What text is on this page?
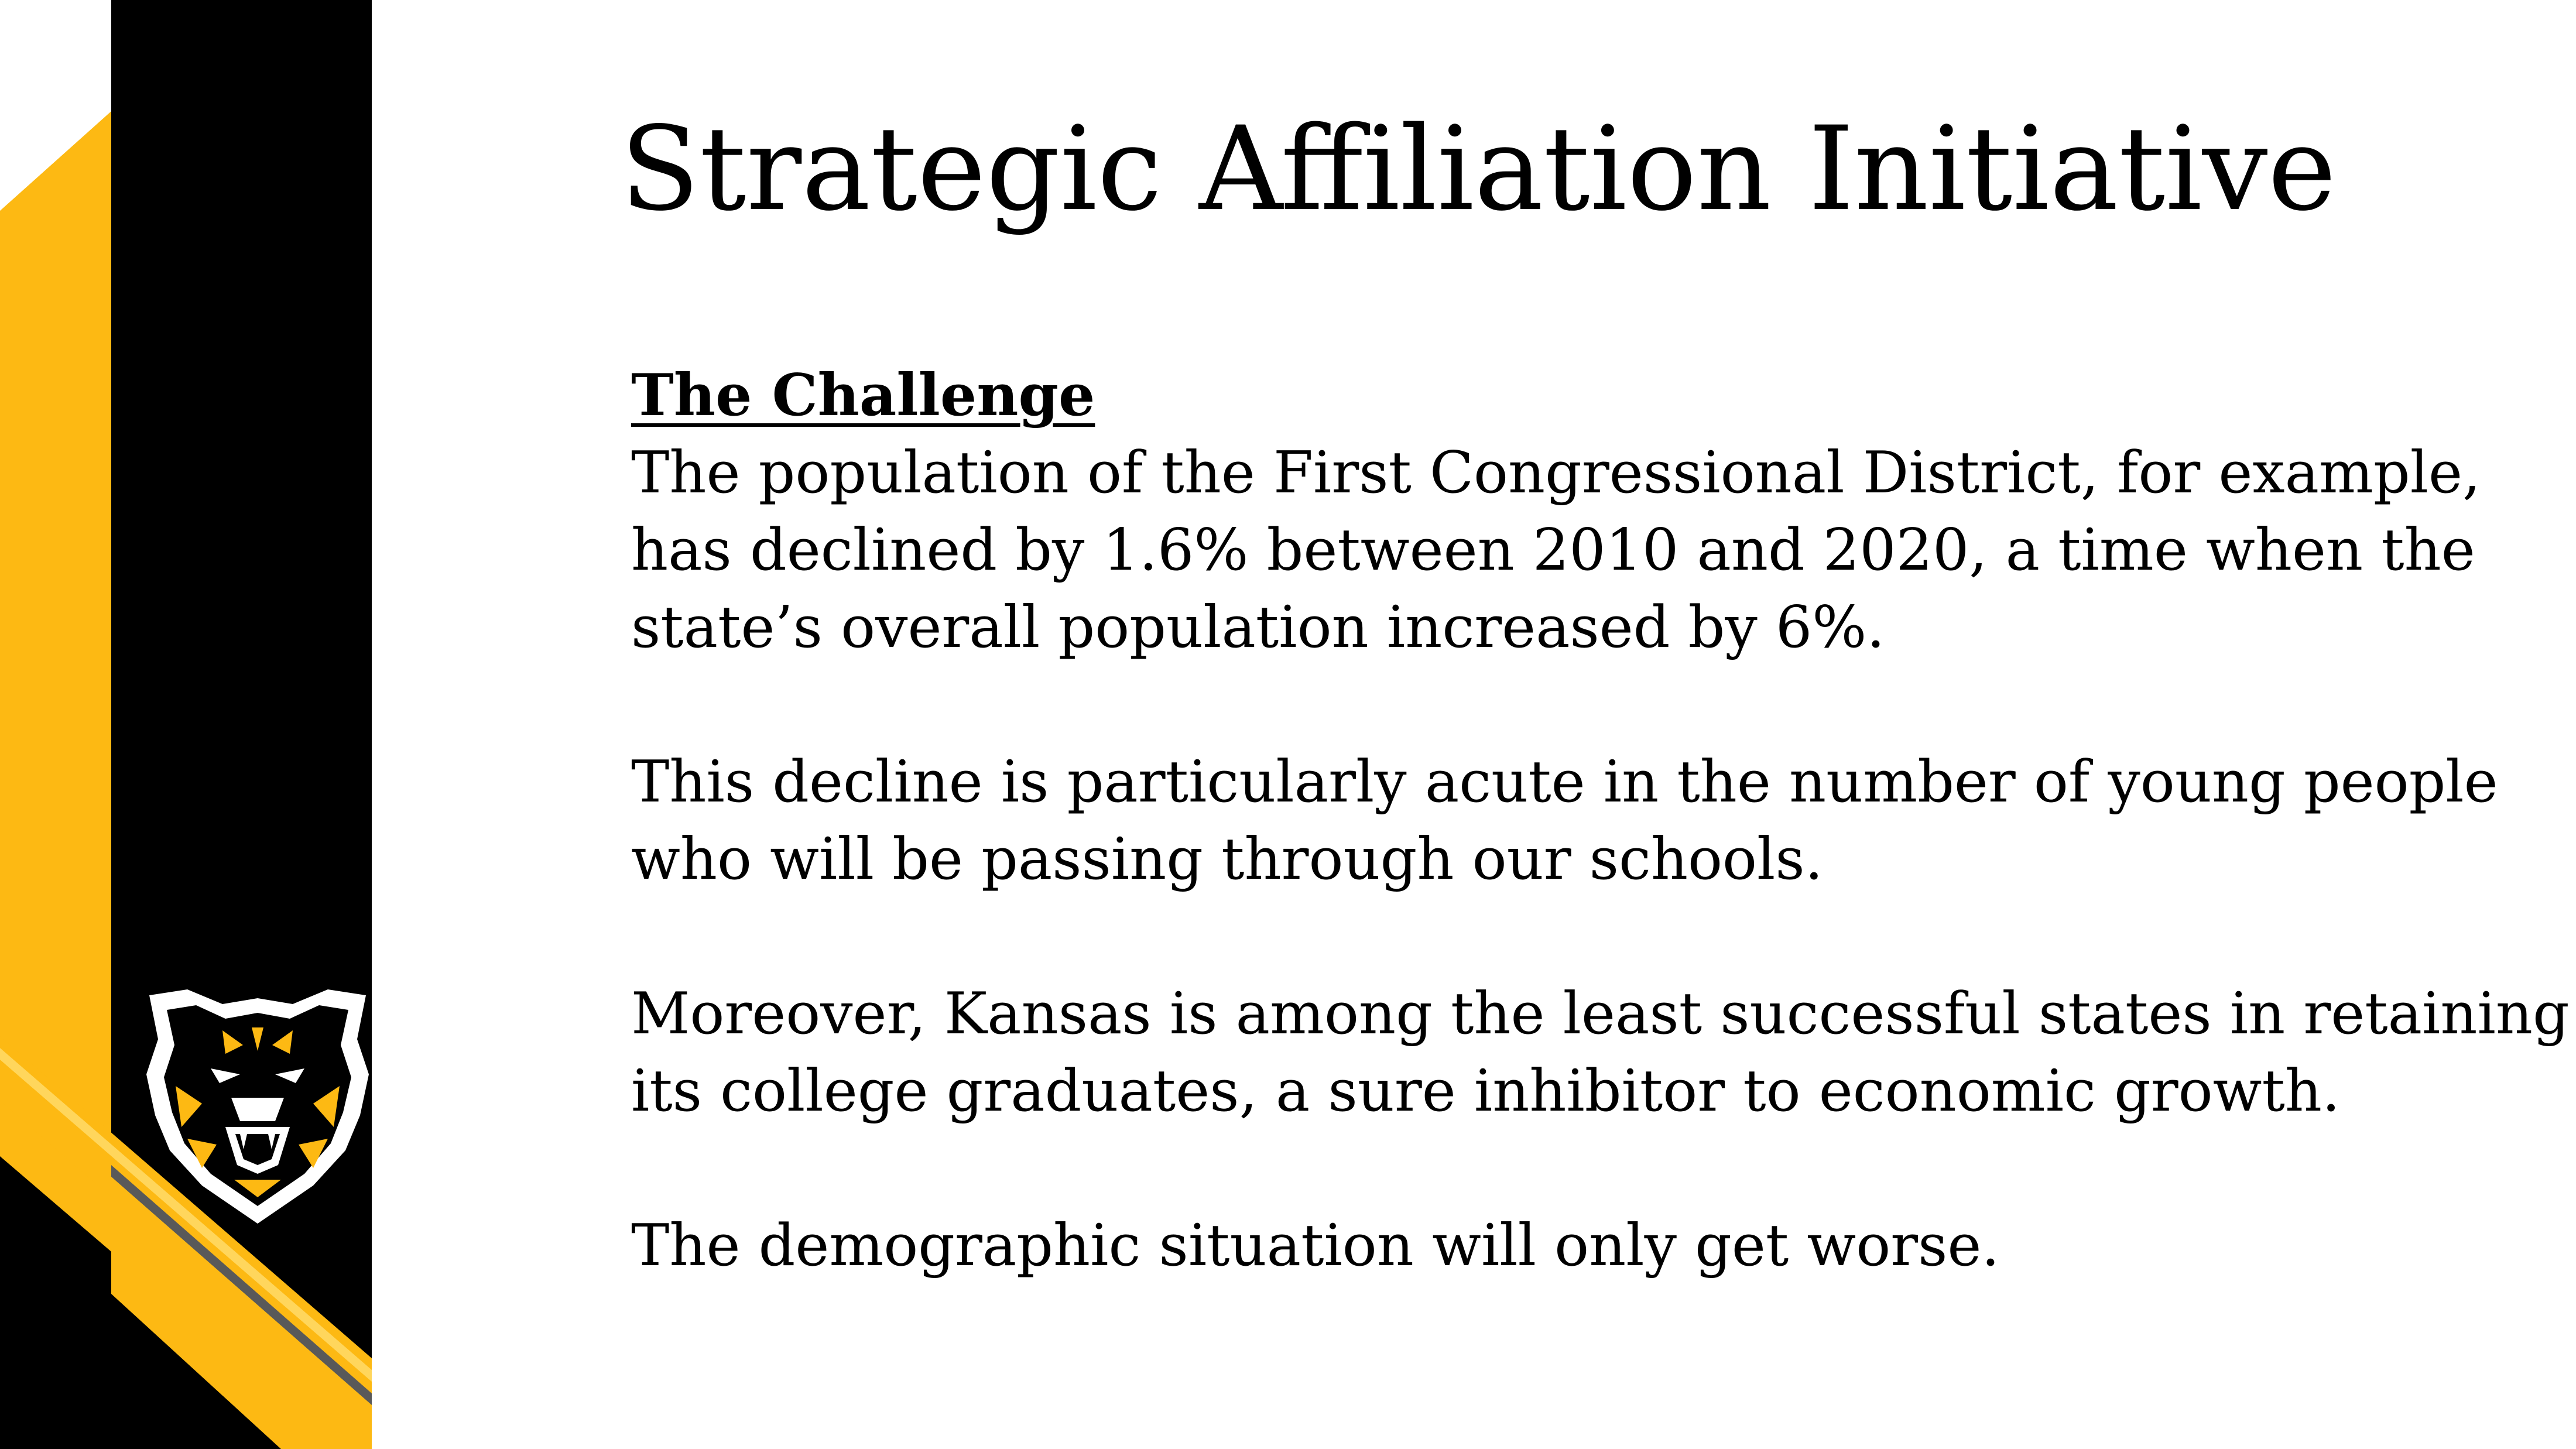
Strategic Affiliation Initiative
The Challenge
The population of the First Congressional District, for example,
has declined by 1.6% between 2010 and 2020, a time when the
state’s overall population increased by 6%.
This decline is particularly acute in the number of young people
who will be passing through our schools.
Moreover, Kansas is among the least successful states in retaining
its college graduates, a sure inhibitor to economic growth.
The demographic situation will only get worse.
